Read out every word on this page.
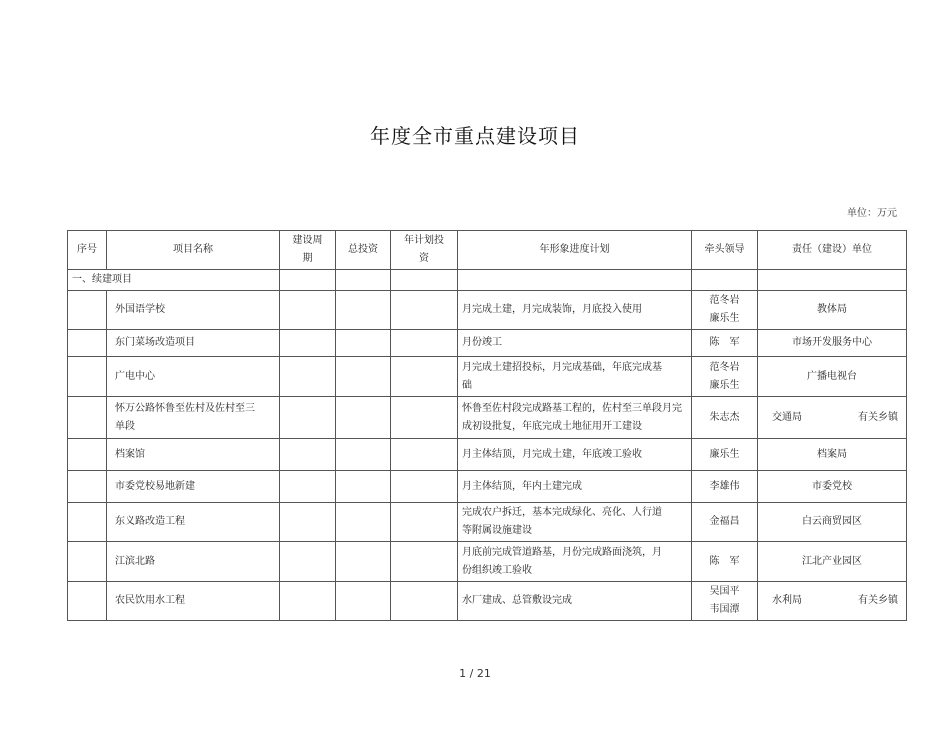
年度全市重点建设项目
单位：万元
序号	项目名称	建设周
期	总投资	年计划投
资	年形象进度计划	牵头领导	责任（建设）单位
一、续建项目							
	外国语学校				月完成土建，月完成装饰，月底投入使用	范冬岩
廉乐生	教体局
	东门菜场改造项目				月份竣工	陈　军	市场开发服务中心
	广电中心				月完成土建招投标，月完成基础，年底完成基
础	范冬岩
廉乐生	广播电视台
	怀万公路怀鲁至佐村及佐村至三
单段				怀鲁至佐村段完成路基工程的，佐村至三单段月完
成初设批复，年底完成土地征用开工建设	朱志杰	交通局 有关乡镇

	档案馆				月主体结顶，月完成土建，年底竣工验收	廉乐生	档案局
	市委党校易地新建				月主体结顶，年内土建完成	李雄伟	市委党校
	东义路改造工程				完成农户拆迁，基本完成绿化、亮化、人行道
等附属设施建设	金福昌	白云商贸园区
	江滨北路				月底前完成管道路基，月份完成路面浇筑，月
份组织竣工验收	陈　军	江北产业园区
	农民饮用水工程				水厂建成、总管敷设完成	吴国平
韦国潭	水利局 有关乡镇
1 / 21
